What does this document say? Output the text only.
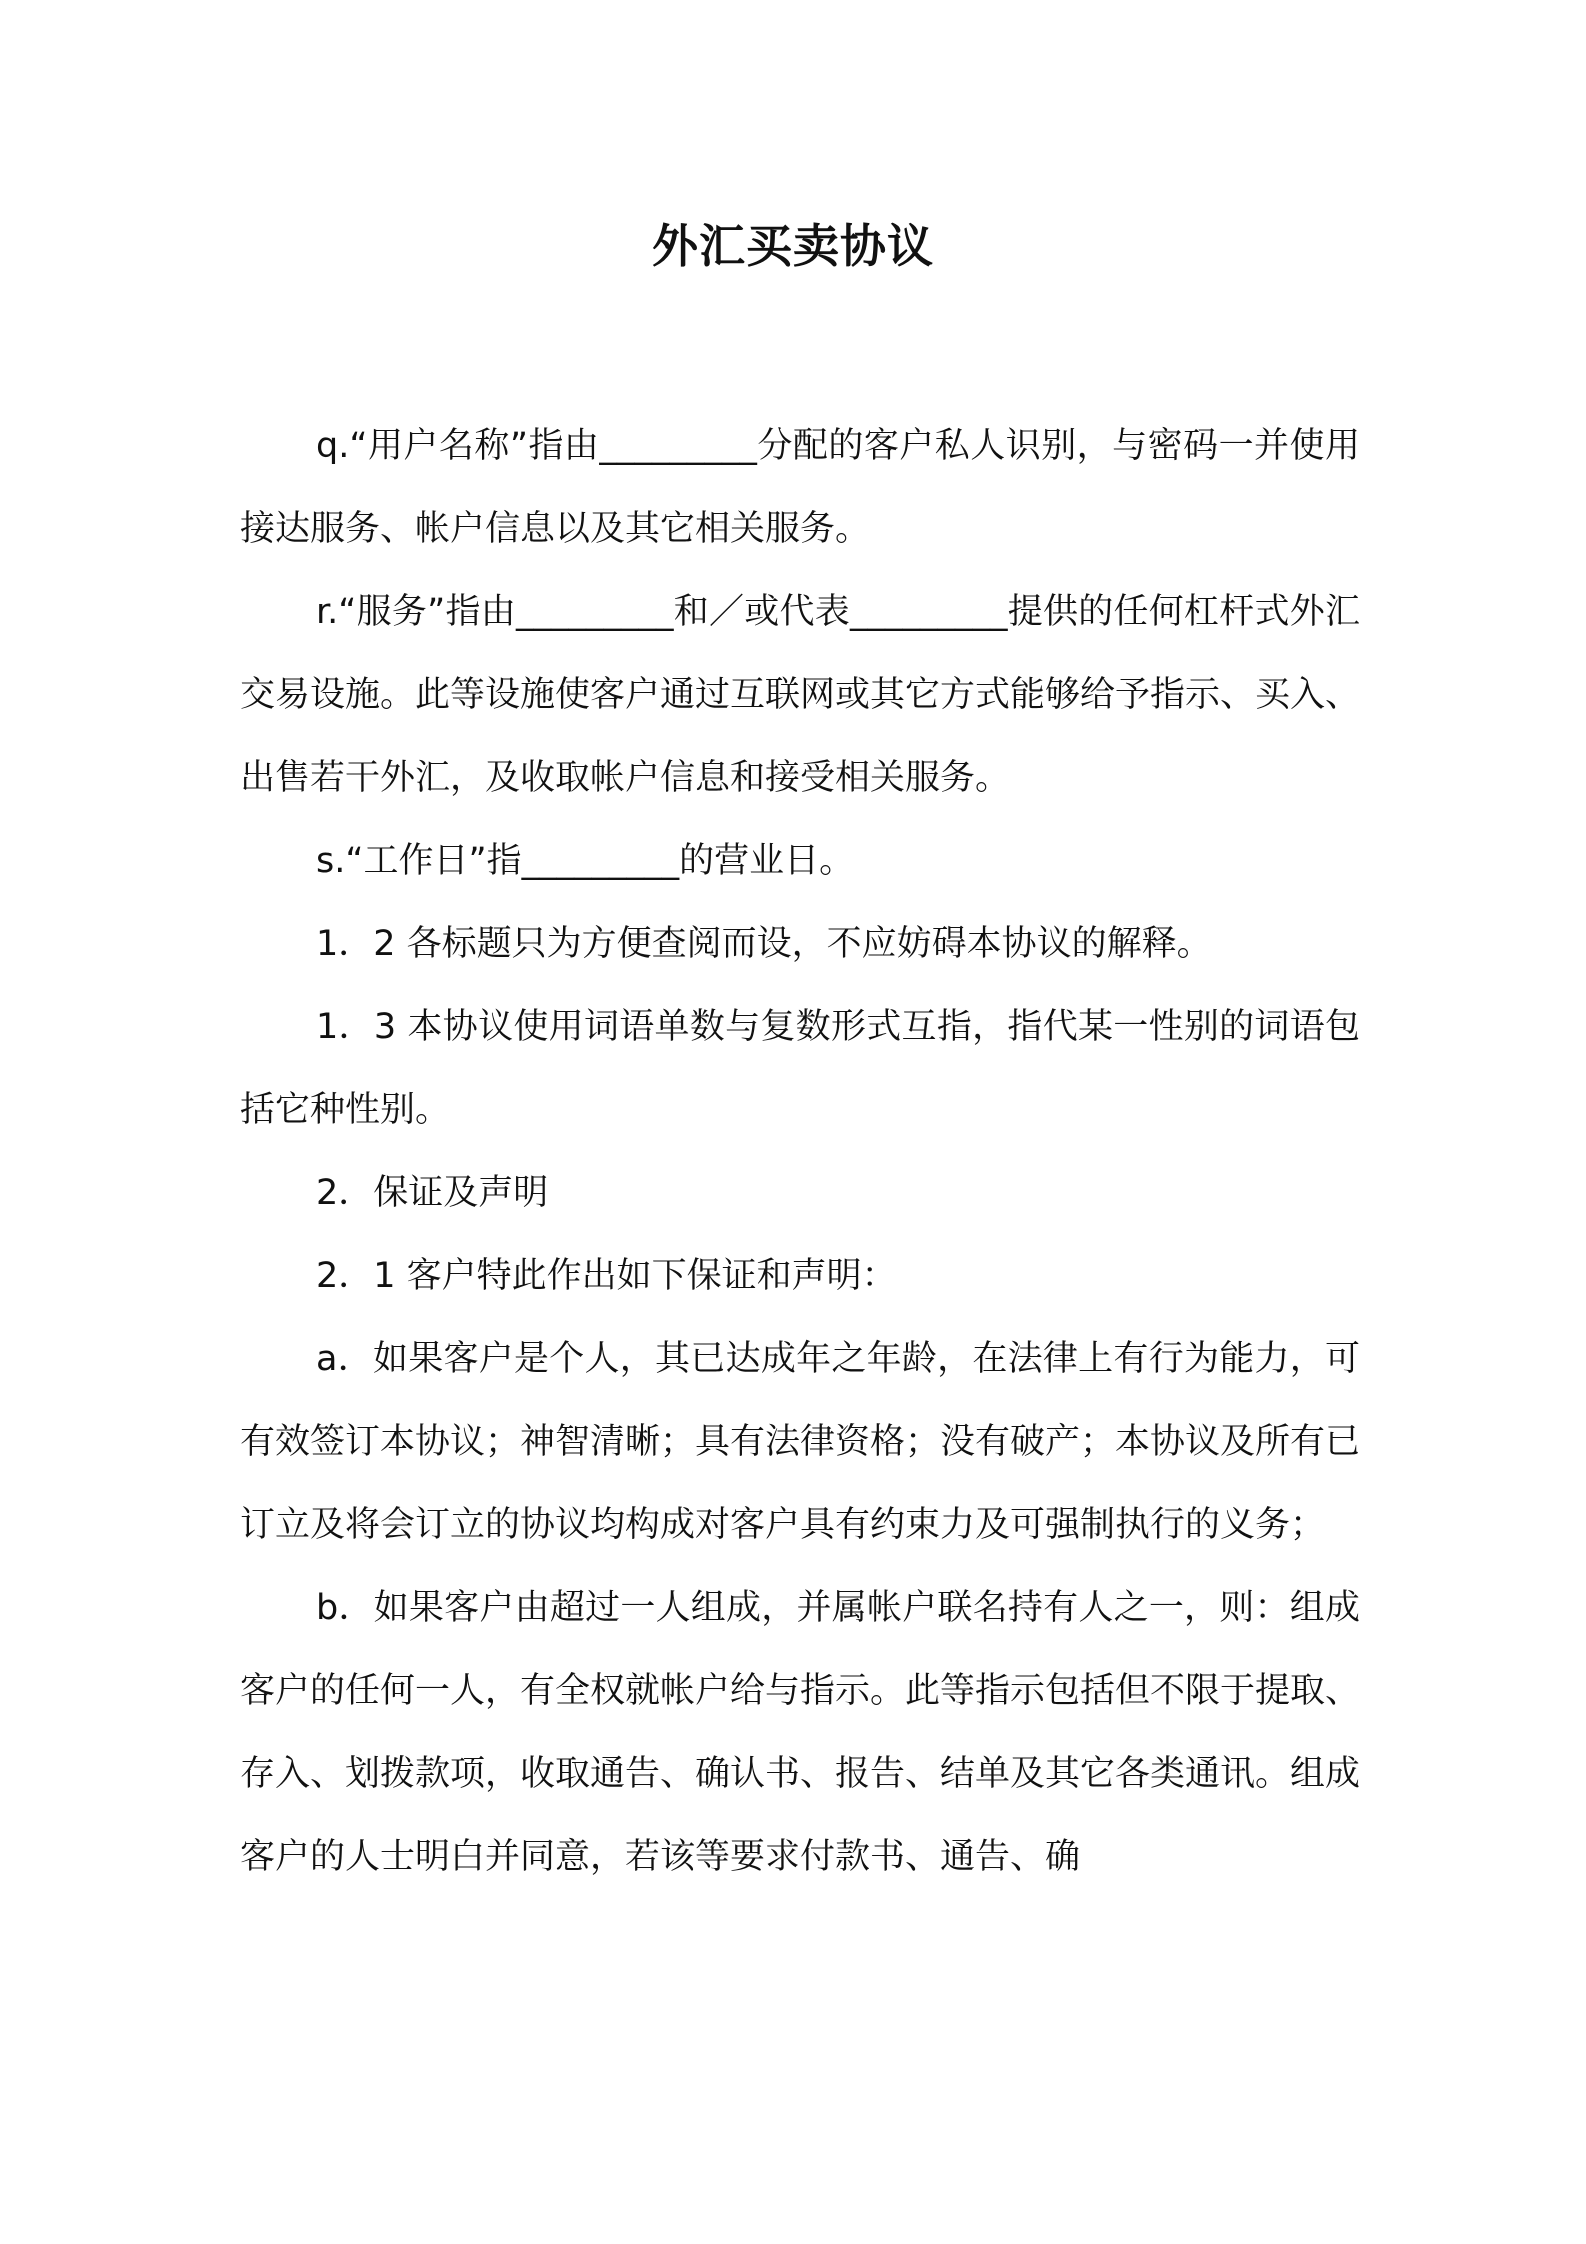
外汇买卖协议

q.“用户名称”指由_________分配的客户私人识别，与密码一并使用接达服务、帐户信息以及其它相关服务。

r.“服务”指由_________和／或代表_________提供的任何杠杆式外汇交易设施。此等设施使客户通过互联网或其它方式能够给予指示、买入、出售若干外汇，及收取帐户信息和接受相关服务。

s.“工作日”指_________的营业日。

1．2 各标题只为方便查阅而设，不应妨碍本协议的解释。

1．3 本协议使用词语单数与复数形式互指，指代某一性别的词语包括它种性别。

2．保证及声明

2．1 客户特此作出如下保证和声明：

a．如果客户是个人，其已达成年之年龄，在法律上有行为能力，可有效签订本协议；神智清晰；具有法律资格；没有破产；本协议及所有已订立及将会订立的协议均构成对客户具有约束力及可强制执行的义务；

b．如果客户由超过一人组成，并属帐户联名持有人之一，则：组成客户的任何一人，有全权就帐户给与指示。此等指示包括但不限于提取、存入、划拨款项，收取通告、确认书、报告、结单及其它各类通讯。组成客户的人士明白并同意，若该等要求付款书、通告、确
